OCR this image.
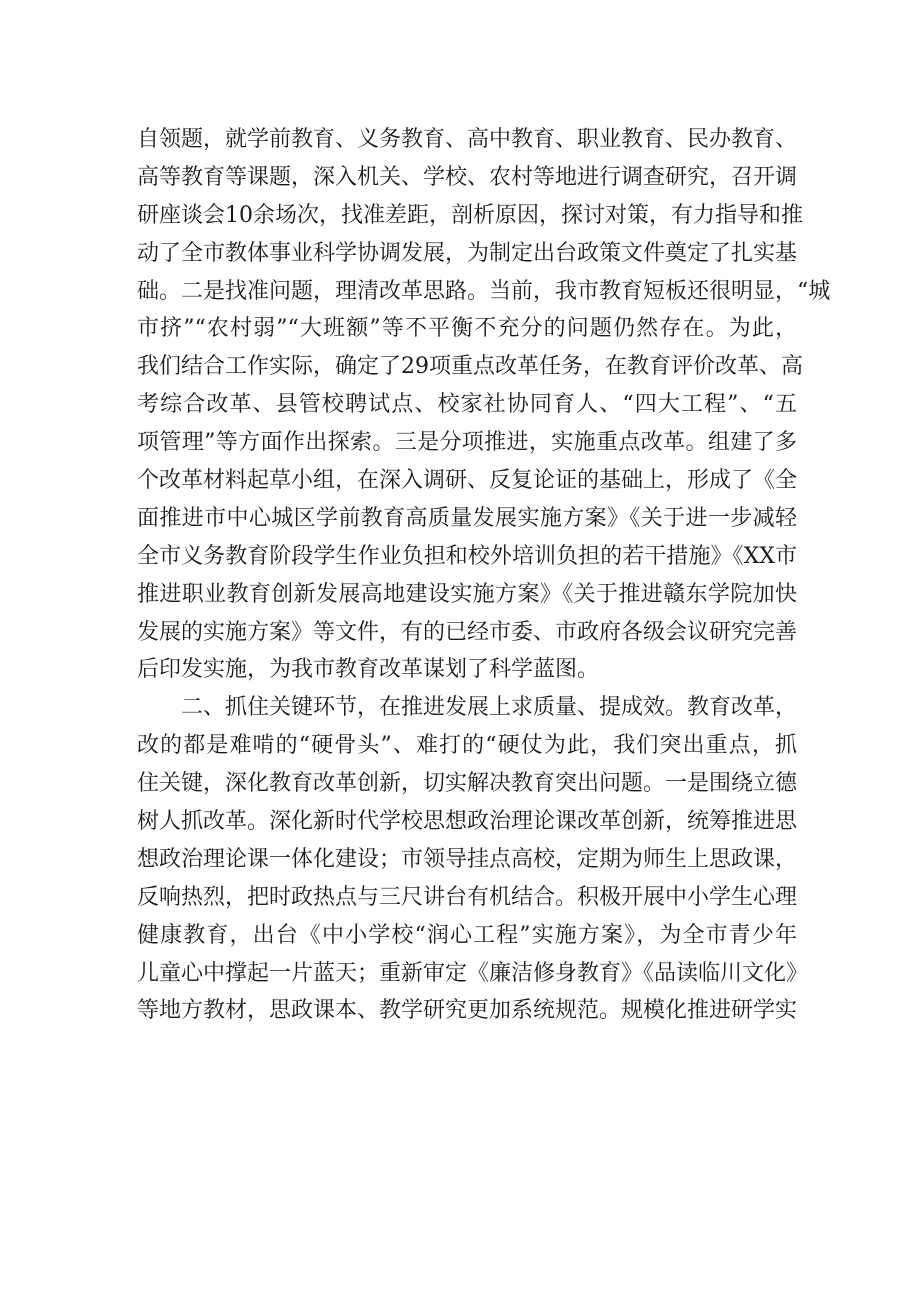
自领题，就学前教育、义务教育、高中教育、职业教育、民办教育、
高等教育等课题，深入机关、学校、农村等地进行调查研究，召开调
研座谈会10余场次，找准差距，剖析原因，探讨对策，有力指导和推
动了全市教体事业科学协调发展，为制定出台政策文件奠定了扎实基
础。二是找准问题，理清改革思路。当前，我市教育短板还很明显，“城
市挤”“农村弱”“大班额”等不平衡不充分的问题仍然存在。为此，
我们结合工作实际，确定了29项重点改革任务，在教育评价改革、高
考综合改革、县管校聘试点、校家社协同育人、“四大工程”、“五
项管理”等方面作出探索。三是分项推进，实施重点改革。组建了多
个改革材料起草小组，在深入调研、反复论证的基础上，形成了《全
面推进市中心城区学前教育高质量发展实施方案》《关于进一步减轻
全市义务教育阶段学生作业负担和校外培训负担的若干措施》《XX市
推进职业教育创新发展高地建设实施方案》《关于推进赣东学院加快
发展的实施方案》等文件，有的已经市委、市政府各级会议研究完善
后印发实施，为我市教育改革谋划了科学蓝图。
二、抓住关键环节，在推进发展上求质量、提成效。教育改革，
改的都是难啃的“硬骨头”、难打的“硬仗为此，我们突出重点，抓
住关键，深化教育改革创新，切实解决教育突出问题。一是围绕立德
树人抓改革。深化新时代学校思想政治理论课改革创新，统筹推进思
想政治理论课一体化建设；市领导挂点高校，定期为师生上思政课，
反响热烈，把时政热点与三尺讲台有机结合。积极开展中小学生心理
健康教育，出台《中小学校“润心工程”实施方案》，为全市青少年
儿童心中撑起一片蓝天；重新审定《廉洁修身教育》《品读临川文化》
等地方教材，思政课本、教学研究更加系统规范。规模化推进研学实
